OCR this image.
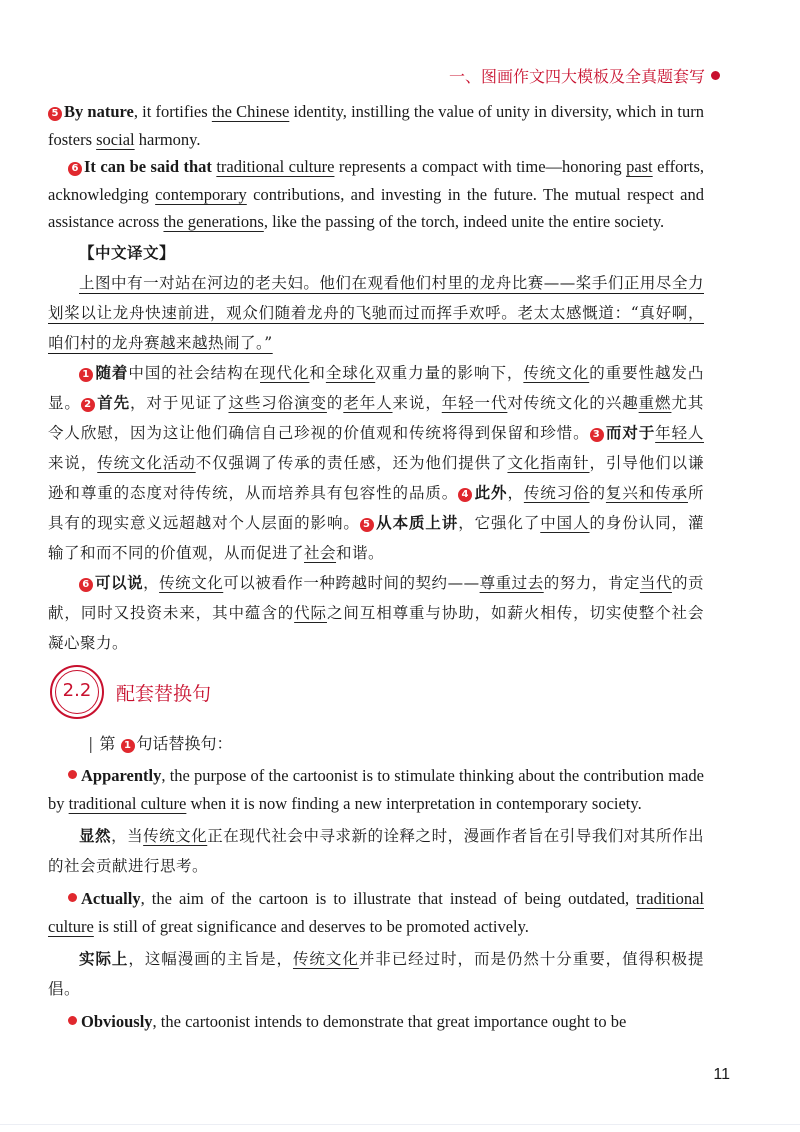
一、图画作文四大模板及全真题套写

5 By nature, it fortifies the Chinese identity, instilling the value of unity in diversity, which in turn fosters social harmony.

6 It can be said that traditional culture represents a compact with time—honoring past efforts, acknowledging contemporary contributions, and investing in the future. The mutual respect and assistance across the generations, like the passing of the torch, indeed unite the entire society.

【中文译文】

上图中有一对站在河边的老夫妇。他们在观看他们村里的龙舟比赛——桨手们正用尽全力划桨以让龙舟快速前进，观众们随着龙舟的飞驰而过而挥手欢呼。老太太感慨道：“真好啊，咱们村的龙舟赛越来越热闹了。”

1 随着中国的社会结构在现代化和全球化双重力量的影响下，传统文化的重要性越发凸显。 2 首先，对于见证了这些习俗演变的老年人来说，年轻一代对传统文化的兴趣重燃尤其令人欣慰，因为这让他们确信自己珍视的价值观和传统将得到保留和珍惜。 3 而对于年轻人来说，传统文化活动不仅强调了传承的责任感，还为他们提供了文化指南针，引导他们以谦逊和尊重的态度对待传统，从而培养具有包容性的品质。 4 此外，传统习俗的复兴和传承所具有的现实意义远超越对个人层面的影响。 5 从本质上讲，它强化了中国人的身份认同，灌输了和而不同的价值观，从而促进了社会和谐。

6 可以说，传统文化可以被看作一种跨越时间的契约——尊重过去的努力，肯定当代的贡献，同时又投资未来，其中蕴含的代际之间互相尊重与协助，如薪火相传，切实使整个社会凝心聚力。

2.2	配套替换句

| 第 1 句话替换句：

Apparently, the purpose of the cartoonist is to stimulate thinking about the contribution made by traditional culture when it is now finding a new interpretation in contemporary society.

显然，当传统文化正在现代社会中寻求新的诠释之时，漫画作者旨在引导我们对其所作出的社会贡献进行思考。

Actually, the aim of the cartoon is to illustrate that instead of being outdated, traditional culture is still of great significance and deserves to be promoted actively.

实际上，这幅漫画的主旨是，传统文化并非已经过时，而是仍然十分重要，值得积极提倡。

Obviously, the cartoonist intends to demonstrate that great importance ought to be

11
